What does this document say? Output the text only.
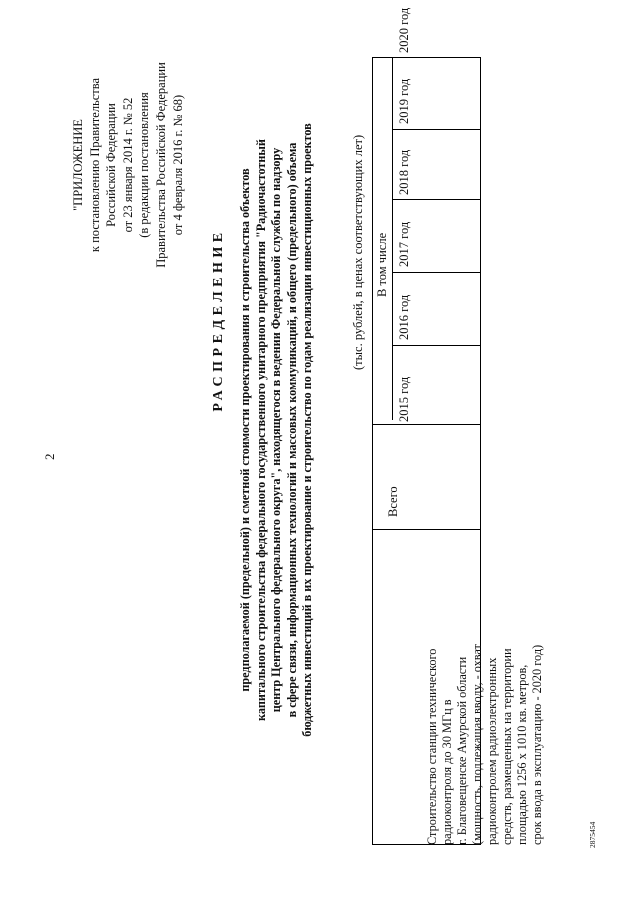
2
"ПРИЛОЖЕНИЕ к постановлению Правительства Российской Федерации от 23 января 2014 г. № 52 (в редакции постановления Правительства Российской Федерации от 4 февраля 2016 г. № 68)
РАСПРЕДЕЛЕНИЕ предполагаемой (предельной) и сметной стоимости проектирования и строительства объектов капитального строительства федерального государственного унитарного предприятия "Радиочастотный центр Центрального федерального округа", находящегося в ведении Федеральной службы по надзору в сфере связи, информационных технологий и массовых коммуникаций, и общего (предельного) объема бюджетных инвестиций в их проектирование и строительство по годам реализации инвестиционных проектов	(тыс. рублей, в ценах соответствующих лет)
Всего
В том числе
2015 год
2016 год
2017 год
2018 год
2019 год
2020 год
Строительство станции технического радиоконтроля до 30 МГц в г. Благовещенске Амурской области (мощность, подлежащая вводу, - охват радиоконтролем радиоэлектронных средств, размещенных на территории площадью 1256 х 1010 кв. метров, срок ввода в эксплуатацию - 2020 год)	2875454
